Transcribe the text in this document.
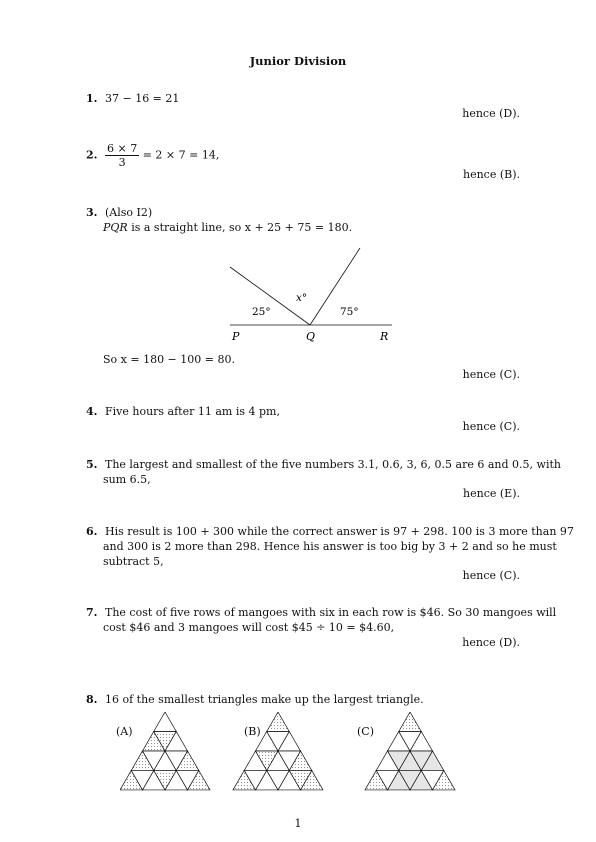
Junior Division
1. 37 − 16 = 21
hence (D).
2. $\frac{6 \times 7}{3} = 2 \times 7 = 14$,
hence (B).
3. (Also I2)
PQR is a straight line, so x + 25 + 75 = 180.
x°
25°	75°
P	Q	R
So x = 180 − 100 = 80.
hence (C).
4. Five hours after 11 am is 4 pm,
hence (C).
5. The largest and smallest of the five numbers 3.1, 0.6, 3, 6, 0.5 are 6 and 0.5, with
sum 6.5,
hence (E).
6. His result is 100 + 300 while the correct answer is 97 + 298. 100 is 3 more than 97
and 300 is 2 more than 298. Hence his answer is too big by 3 + 2 and so he must
subtract 5,
hence (C).
7. The cost of five rows of mangoes with six in each row is $46. So 30 mangoes will
cost $46 and 3 mangoes will cost $45 ÷ 10 = $4.60,
hence (D).
8. 16 of the smallest triangles make up the largest triangle.
(A)	(B)	(C)
1
